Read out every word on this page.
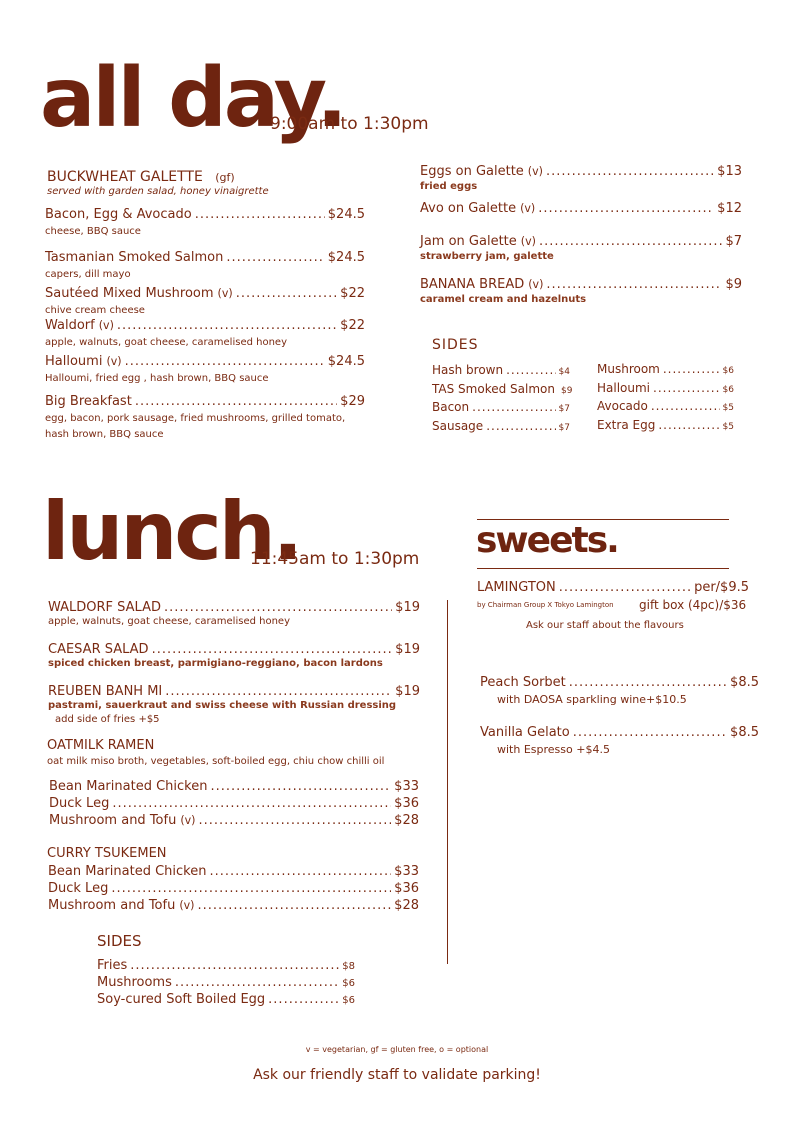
all day.
9:00am to 1:30pm
BUCKWHEAT GALETTE (gf)
served with garden salad, honey vinaigrette
Bacon, Egg & Avocado .....	$24.5
cheese, BBQ sauce
Tasmanian Smoked Salmon .....	$24.5
capers, dill mayo
Sautéed Mixed Mushroom (v) .....	$22
chive cream cheese
Waldorf (v) .....	$22
apple, walnuts, goat cheese, caramelised honey
Halloumi (v) .....	$24.5
Halloumi, fried egg , hash brown, BBQ sauce
Big Breakfast .....	$29
egg, bacon, pork sausage, fried mushrooms, grilled tomato,
hash brown, BBQ sauce
Eggs on Galette (v) .....	$13
fried eggs
Avo on Galette (v) .....	$12
Jam on Galette (v) .....	$7
strawberry jam, galette
BANANA BREAD (v) .....	$9
caramel cream and hazelnuts
SIDES
Hash brown .....	$4
TAS Smoked Salmon $9
Bacon .....	$7
Sausage .....	$7
Mushroom .....	$6
Halloumi .....	$6
Avocado .....	$5
Extra Egg .....	$5
lunch.
11:45am to 1:30pm
WALDORF SALAD .....	$19
apple, walnuts, goat cheese, caramelised honey
CAESAR SALAD .....	$19
spiced chicken breast, parmigiano-reggiano, bacon lardons
REUBEN BANH MI .....	$19
pastrami, sauerkraut and swiss cheese with Russian dressing
add side of fries +$5
OATMILK RAMEN
oat milk miso broth, vegetables, soft-boiled egg, chiu chow chilli oil
Bean Marinated Chicken .....	$33
Duck Leg .....	$36
Mushroom and Tofu (v) .....	$28
CURRY TSUKEMEN
Bean Marinated Chicken .....	$33
Duck Leg .....	$36
Mushroom and Tofu (v) .....	$28
SIDES
Fries .....	$8
Mushrooms .....	$6
Soy-cured Soft Boiled Egg .....	$6
sweets.
LAMINGTON .....	per/$9.5
by Chairman Group X Tokyo Lamington gift box (4pc)/$36
Ask our staff about the flavours
Peach Sorbet .....	$8.5
with DAOSA sparkling wine+$10.5
Vanilla Gelato .....	$8.5
with Espresso +$4.5
v = vegetarian, gf = gluten free, o = optional
Ask our friendly staff to validate parking!
